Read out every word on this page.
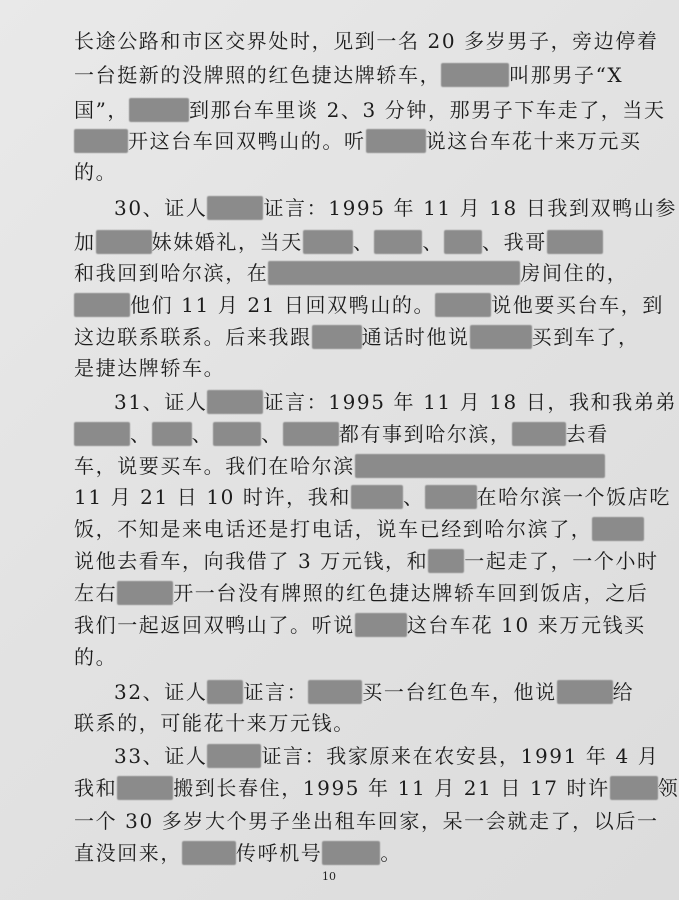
长途公路和市区交界处时，见到一名 20 多岁男子，旁边停着
一台挺新的没牌照的红色捷达牌轿车，	叫那男子“X
国”，	到那台车里谈 2、3 分钟，那男子下车走了，当天
开这台车回双鸭山的。听	说这台车花十来万元买
的。
30、证人	证言：1995 年 11 月 18 日我到双鸭山参
加	妹妹婚礼，当天	、 、 、我哥
和我回到哈尔滨，在	房间住的，
他们 11 月 21 日回双鸭山的。	说他要买台车，到
这边联系联系。后来我跟	通话时他说	买到车了，
是捷达牌轿车。
31、证人	证言：1995 年 11 月 18 日，我和我弟弟
、 、 、	都有事到哈尔滨，	去看
车，说要买车。我们在哈尔滨
11 月 21 日 10 时许，我和	、	在哈尔滨一个饭店吃
饭，不知是来电话还是打电话，说车已经到哈尔滨了，
说他去看车，向我借了 3 万元钱，和 一起走了，一个小时
左右	开一台没有牌照的红色捷达牌轿车回到饭店，之后
我们一起返回双鸭山了。听说	这台车花 10 来万元钱买
的。
32、证人 证言：	买一台红色车，他说	给
联系的，可能花十来万元钱。
33、证人	证言：我家原来在农安县，1991 年 4 月
我和	搬到长春住，1995 年 11 月 21 日 17 时许 领
一个 30 多岁大个男子坐出租车回家，呆一会就走了，以后一
直没回来，	传呼机号	。
10
